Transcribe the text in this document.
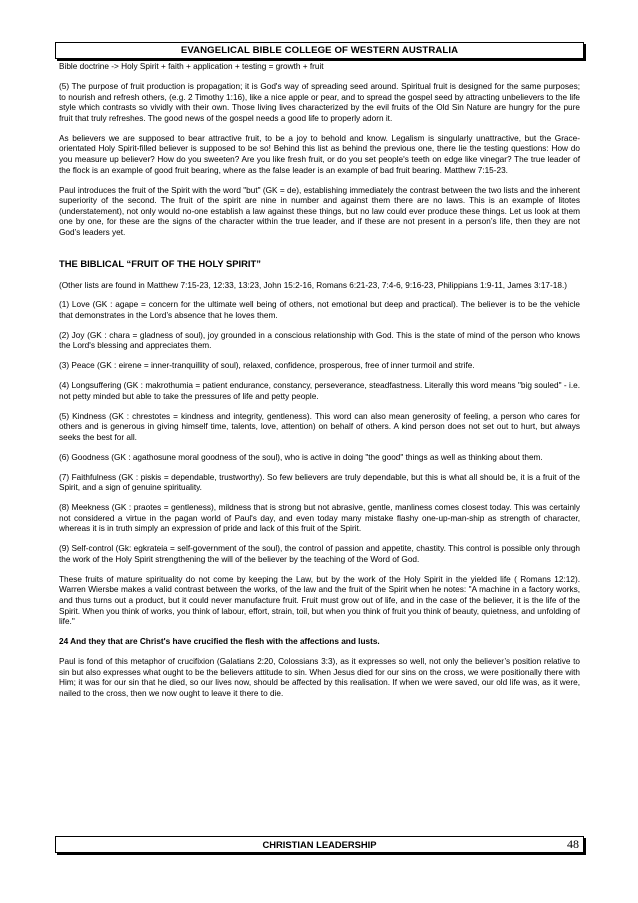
EVANGELICAL BIBLE COLLEGE OF WESTERN AUSTRALIA

Bible doctrine -> Holy Spirit + faith + application + testing = growth + fruit

(5) The purpose of fruit production is propagation; it is God's way of spreading seed around. Spiritual fruit is designed for the same purposes; to nourish and refresh others, (e.g. 2 Timothy 1:16), like a nice apple or pear, and to spread the gospel seed by attracting unbelievers to the life style which contrasts so vividly with their own. Those living lives characterized by the evil fruits of the Old Sin Nature are hungry for the pure fruit that truly refreshes. The good news of the gospel needs a good life to properly adorn it.

As believers we are supposed to bear attractive fruit, to be a joy to behold and know. Legalism is singularly unattractive, but the Grace-orientated Holy Spirit-filled believer is supposed to be so! Behind this list as behind the previous one, there lie the testing questions: How do you measure up believer? How do you sweeten? Are you like fresh fruit, or do you set people's teeth on edge like vinegar? The true leader of the flock is an example of good fruit bearing, where as the false leader is an example of bad fruit bearing. Matthew 7:15-23.

Paul introduces the fruit of the Spirit with the word "but" (GK = de), establishing immediately the contrast between the two lists and the inherent superiority of the second. The fruit of the spirit are nine in number and against them there are no laws. This is an example of litotes (understatement), not only would no-one establish a law against these things, but no law could ever produce these things. Let us look at them one by one, for these are the signs of the character within the true leader, and if these are not present in a person’s life, then they are not God’s leaders yet.

THE BIBLICAL “FRUIT OF THE HOLY SPIRIT”

(Other lists are found in Matthew 7:15-23, 12:33, 13:23, John 15:2-16, Romans 6:21-23, 7:4-6, 9:16-23, Philippians 1:9-11, James 3:17-18.)

(1) Love (GK : agape = concern for the ultimate well being of others, not emotional but deep and practical). The believer is to be the vehicle that demonstrates in the Lord’s absence that he loves them.

(2) Joy (GK : chara = gladness of soul), joy grounded in a conscious relationship with God. This is the state of mind of the person who knows the Lord's blessing and appreciates them.

(3) Peace (GK : eirene = inner-tranquillity of soul), relaxed, confidence, prosperous, free of inner turmoil and strife.

(4) Longsuffering (GK : makrothumia = patient endurance, constancy, perseverance, steadfastness. Literally this word means "big souled" - i.e. not petty minded but able to take the pressures of life and petty people.

(5) Kindness (GK : chrestotes = kindness and integrity, gentleness). This word can also mean generosity of feeling, a person who cares for others and is generous in giving himself time, talents, love, attention) on behalf of others. A kind person does not set out to hurt, but always seeks the best for all.

(6) Goodness (GK : agathosune moral goodness of the soul), who is active in doing "the good" things as well as thinking about them.

(7) Faithfulness (GK : piskis = dependable, trustworthy). So few believers are truly dependable, but this is what all should be, it is a fruit of the Spirit, and a sign of genuine spirituality.

(8) Meekness (GK : praotes = gentleness), mildness that is strong but not abrasive, gentle, manliness comes closest today. This was certainly not considered a virtue in the pagan world of Paul's day, and even today many mistake flashy one-up-man-ship as strength of character, whereas it is in truth simply an expression of pride and lack of this fruit of the Spirit.

(9) Self-control (Gk: egkrateia = self-government of the soul), the control of passion and appetite, chastity. This control is possible only through the work of the Holy Spirit strengthening the will of the believer by the teaching of the Word of God.

These fruits of mature spirituality do not come by keeping the Law, but by the work of the Holy Spirit in the yielded life ( Romans 12:12). Warren Wiersbe makes a valid contrast between the works, of the law and the fruit of the Spirit when he notes: "A machine in a factory works, and thus turns out a product, but it could never manufacture fruit. Fruit must grow out of life, and in the case of the believer, it is the life of the Spirit. When you think of works, you think of labour, effort, strain, toil, but when you think of fruit you think of beauty, quietness, and unfolding of life."

24 And they that are Christ's have crucified the flesh with the affections and lusts.

Paul is fond of this metaphor of crucifixion (Galatians 2:20, Colossians 3:3), as it expresses so well, not only the believer’s position relative to sin but also expresses what ought to be the believers attitude to sin. When Jesus died for our sins on the cross, we were positionally there with Him; it was for our sin that he died, so our lives now, should be affected by this realisation. If when we were saved, our old life was, as it were, nailed to the cross, then we now ought to leave it there to die.

CHRISTIAN LEADERSHIP	48
